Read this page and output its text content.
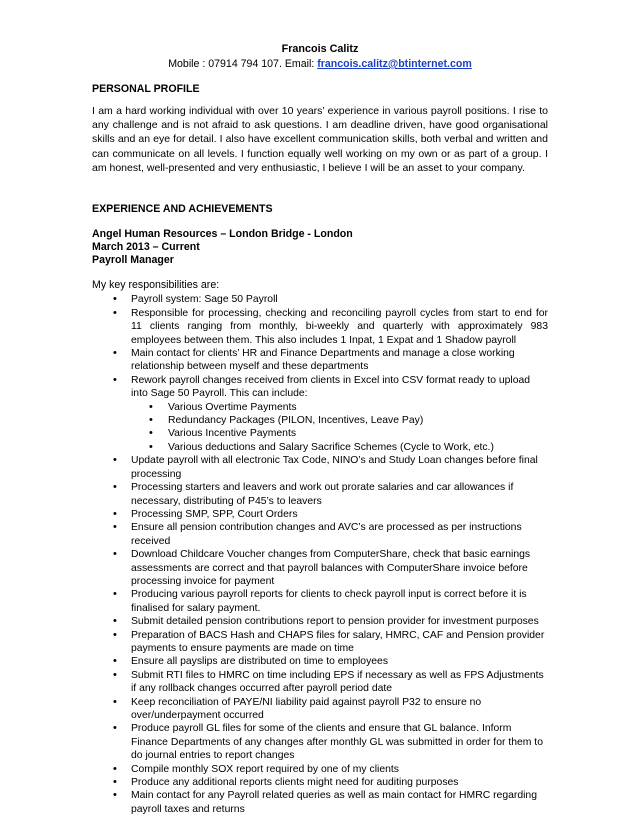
Francois Calitz
Mobile : 07914 794 107. Email: francois.calitz@btinternet.com
PERSONAL PROFILE
I am a hard working individual with over 10 years’ experience in various payroll positions. I rise to any challenge and is not afraid to ask questions. I am deadline driven, have good organisational skills and an eye for detail. I also have excellent communication skills, both verbal and written and can communicate on all levels. I function equally well working on my own or as part of a group. I am honest, well-presented and very enthusiastic, I believe I will be an asset to your company.
EXPERIENCE AND ACHIEVEMENTS
Angel Human Resources – London Bridge - London
March 2013 – Current
Payroll Manager
My key responsibilities are:
• Payroll system: Sage 50 Payroll
• Responsible for processing, checking and reconciling payroll cycles from start to end for 11 clients ranging from monthly, bi-weekly and quarterly with approximately 983 employees between them. This also includes 1 Inpat, 1 Expat and 1 Shadow payroll
• Main contact for clients’ HR and Finance Departments and manage a close working relationship between myself and these departments
• Rework payroll changes received from clients in Excel into CSV format ready to upload into Sage 50 Payroll. This can include:
• Various Overtime Payments
• Redundancy Packages (PILON, Incentives, Leave Pay)
• Various Incentive Payments
• Various deductions and Salary Sacrifice Schemes (Cycle to Work, etc.)
• Update payroll with all electronic Tax Code, NINO’s and Study Loan changes before final processing
• Processing starters and leavers and work out prorate salaries and car allowances if necessary, distributing of P45’s to leavers
• Processing SMP, SPP, Court Orders
• Ensure all pension contribution changes and AVC’s are processed as per instructions received
• Download Childcare Voucher changes from ComputerShare, check that basic earnings assessments are correct and that payroll balances with ComputerShare invoice before processing invoice for payment
• Producing various payroll reports for clients to check payroll input is correct before it is finalised for salary payment.
• Submit detailed pension contributions report to pension provider for investment purposes
• Preparation of BACS Hash and CHAPS files for salary, HMRC, CAF and Pension provider payments to ensure payments are made on time
• Ensure all payslips are distributed on time to employees
• Submit RTI files to HMRC on time including EPS if necessary as well as FPS Adjustments if any rollback changes occurred after payroll period date
• Keep reconciliation of PAYE/NI liability paid against payroll P32 to ensure no over/underpayment occurred
• Produce payroll GL files for some of the clients and ensure that GL balance. Inform Finance Departments of any changes after monthly GL was submitted in order for them to do journal entries to report changes
• Compile monthly SOX report required by one of my clients
• Produce any additional reports clients might need for auditing purposes
• Main contact for any Payroll related queries as well as main contact for HMRC regarding payroll taxes and returns
